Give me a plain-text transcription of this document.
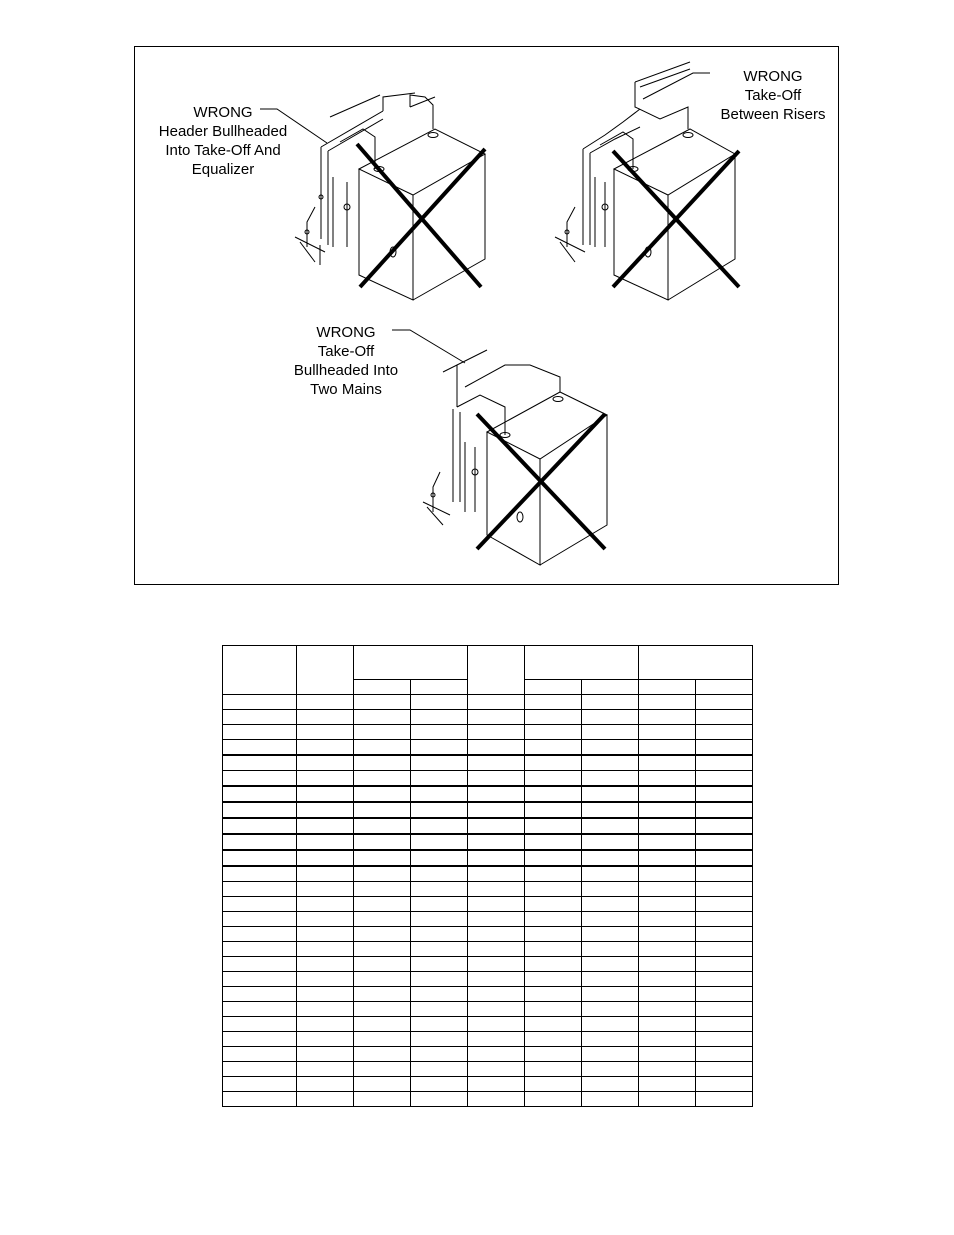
WRONG
Header Bullheaded
Into Take-Off And
Equalizer
WRONG
Take-Off
Between Risers
WRONG
Take-Off
Bullheaded Into
Two Mains
